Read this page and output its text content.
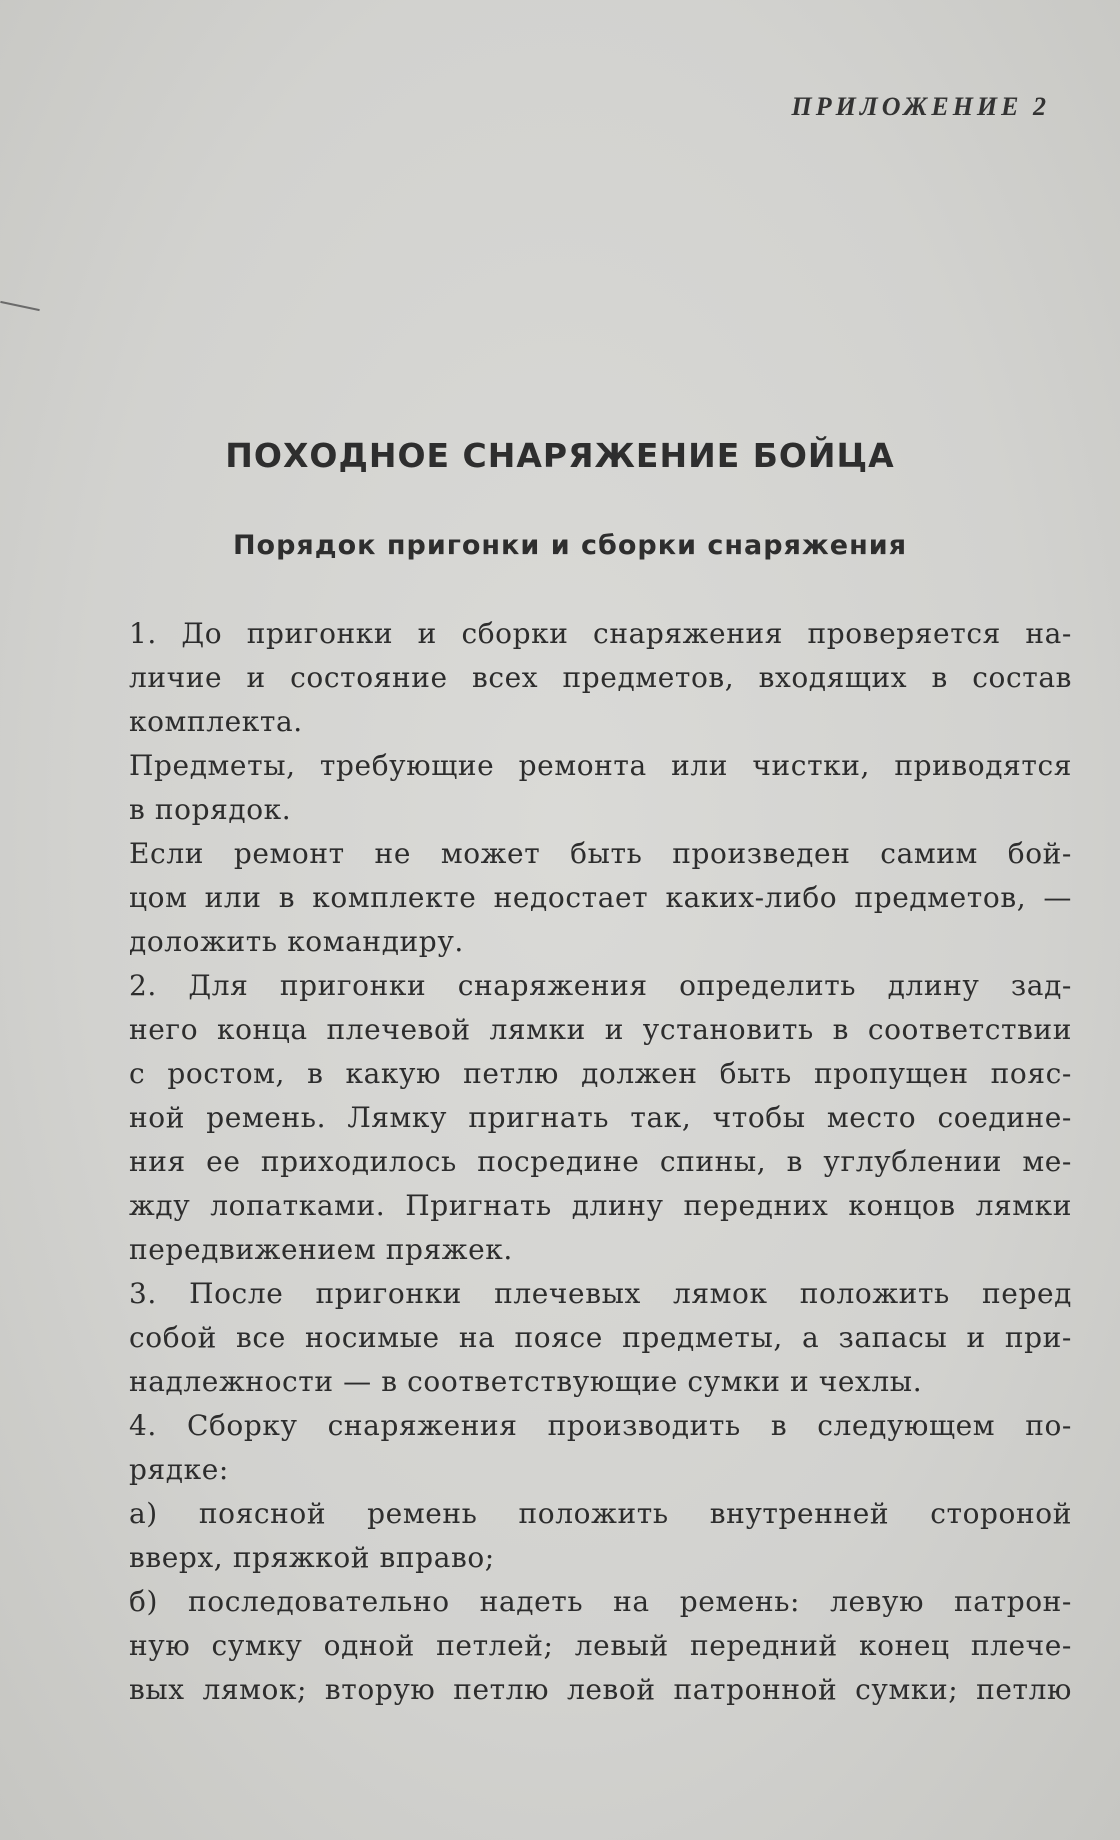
ПРИЛОЖЕНИЕ 2

ПОХОДНОЕ СНАРЯЖЕНИЕ БОЙЦА
Порядок пригонки и сборки снаряжения

1. До пригонки и сборки снаряжения проверяется на-
личие и состояние всех предметов, входящих в состав
комплекта.

Предметы, требующие ремонта или чистки, приводятся
в порядок.

Если ремонт не может быть произведен самим бой-
цом или в комплекте недостает каких-либо предметов, —
доложить командиру.

2. Для пригонки снаряжения определить длину зад-
него конца плечевой лямки и установить в соответствии
с ростом, в какую петлю должен быть пропущен пояс-
ной ремень. Лямку пригнать так, чтобы место соедине-
ния ее приходилось посредине спины, в углублении ме-
жду лопатками. Пригнать длину передних концов лямки
передвижением пряжек.

3. После пригонки плечевых лямок положить перед
собой все носимые на поясе предметы, а запасы и при-
надлежности — в соответствующие сумки и чехлы.

4. Сборку снаряжения производить в следующем по-
рядке:

а) поясной ремень положить внутренней стороной
вверх, пряжкой вправо;

б) последовательно надеть на ремень: левую патрон-
ную сумку одной петлей; левый передний конец плече-
вых лямок; вторую петлю левой патронной сумки; петлю
